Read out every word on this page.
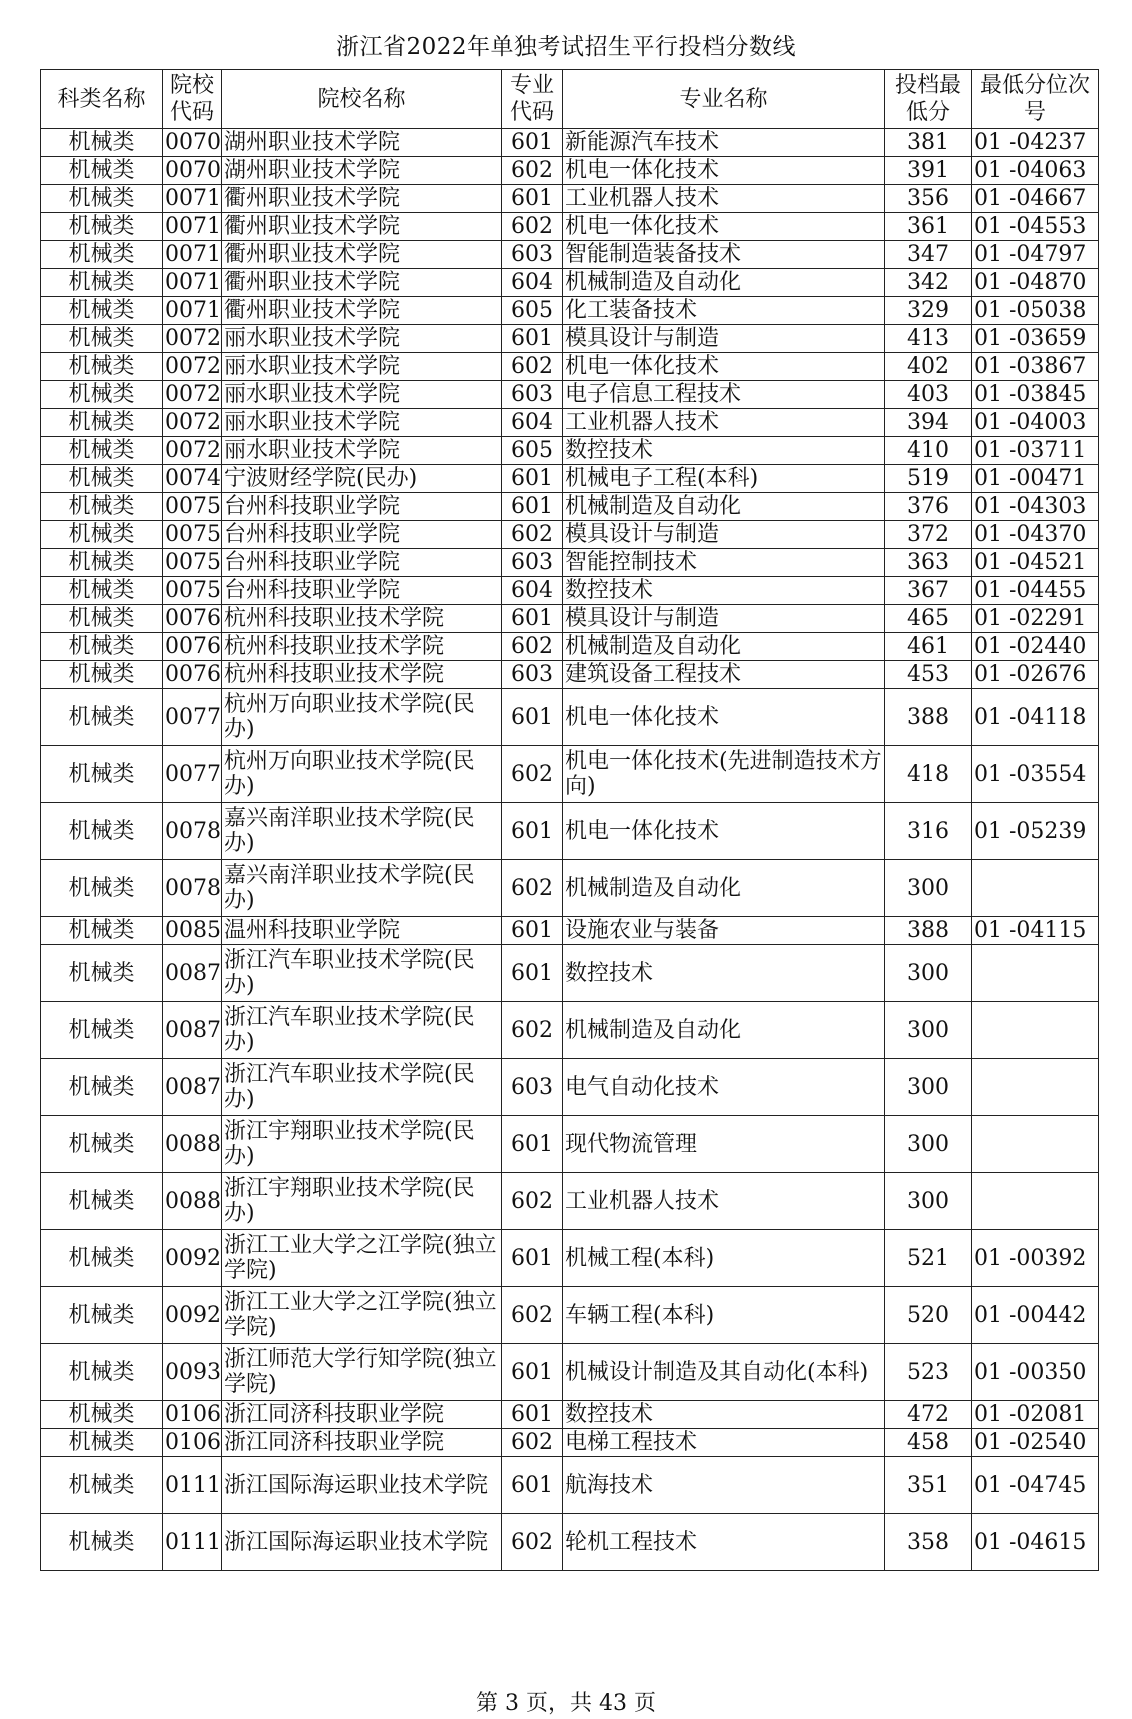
浙江省2022年单独考试招生平行投档分数线
科类名称	院校代码	院校名称	专业代码	专业名称	投档最低分	最低分位次号
机械类	0070	湖州职业技术学院	601	新能源汽车技术	381	01 -04237
机械类	0070	湖州职业技术学院	602	机电一体化技术	391	01 -04063
机械类	0071	衢州职业技术学院	601	工业机器人技术	356	01 -04667
机械类	0071	衢州职业技术学院	602	机电一体化技术	361	01 -04553
机械类	0071	衢州职业技术学院	603	智能制造装备技术	347	01 -04797
机械类	0071	衢州职业技术学院	604	机械制造及自动化	342	01 -04870
机械类	0071	衢州职业技术学院	605	化工装备技术	329	01 -05038
机械类	0072	丽水职业技术学院	601	模具设计与制造	413	01 -03659
机械类	0072	丽水职业技术学院	602	机电一体化技术	402	01 -03867
机械类	0072	丽水职业技术学院	603	电子信息工程技术	403	01 -03845
机械类	0072	丽水职业技术学院	604	工业机器人技术	394	01 -04003
机械类	0072	丽水职业技术学院	605	数控技术	410	01 -03711
机械类	0074	宁波财经学院(民办)	601	机械电子工程(本科)	519	01 -00471
机械类	0075	台州科技职业学院	601	机械制造及自动化	376	01 -04303
机械类	0075	台州科技职业学院	602	模具设计与制造	372	01 -04370
机械类	0075	台州科技职业学院	603	智能控制技术	363	01 -04521
机械类	0075	台州科技职业学院	604	数控技术	367	01 -04455
机械类	0076	杭州科技职业技术学院	601	模具设计与制造	465	01 -02291
机械类	0076	杭州科技职业技术学院	602	机械制造及自动化	461	01 -02440
机械类	0076	杭州科技职业技术学院	603	建筑设备工程技术	453	01 -02676
机械类	0077	杭州万向职业技术学院(民办)	601	机电一体化技术	388	01 -04118
机械类	0077	杭州万向职业技术学院(民办)	602	机电一体化技术(先进制造技术方向)	418	01 -03554
机械类	0078	嘉兴南洋职业技术学院(民办)	601	机电一体化技术	316	01 -05239
机械类	0078	嘉兴南洋职业技术学院(民办)	602	机械制造及自动化	300	
机械类	0085	温州科技职业学院	601	设施农业与装备	388	01 -04115
机械类	0087	浙江汽车职业技术学院(民办)	601	数控技术	300	
机械类	0087	浙江汽车职业技术学院(民办)	602	机械制造及自动化	300	
机械类	0087	浙江汽车职业技术学院(民办)	603	电气自动化技术	300	
机械类	0088	浙江宇翔职业技术学院(民办)	601	现代物流管理	300	
机械类	0088	浙江宇翔职业技术学院(民办)	602	工业机器人技术	300	
机械类	0092	浙江工业大学之江学院(独立学院)	601	机械工程(本科)	521	01 -00392
机械类	0092	浙江工业大学之江学院(独立学院)	602	车辆工程(本科)	520	01 -00442
机械类	0093	浙江师范大学行知学院(独立学院)	601	机械设计制造及其自动化(本科)	523	01 -00350
机械类	0106	浙江同济科技职业学院	601	数控技术	472	01 -02081
机械类	0106	浙江同济科技职业学院	602	电梯工程技术	458	01 -02540
机械类	0111	浙江国际海运职业技术学院	601	航海技术	351	01 -04745
机械类	0111	浙江国际海运职业技术学院	602	轮机工程技术	358	01 -04615
第 3 页，共 43 页
